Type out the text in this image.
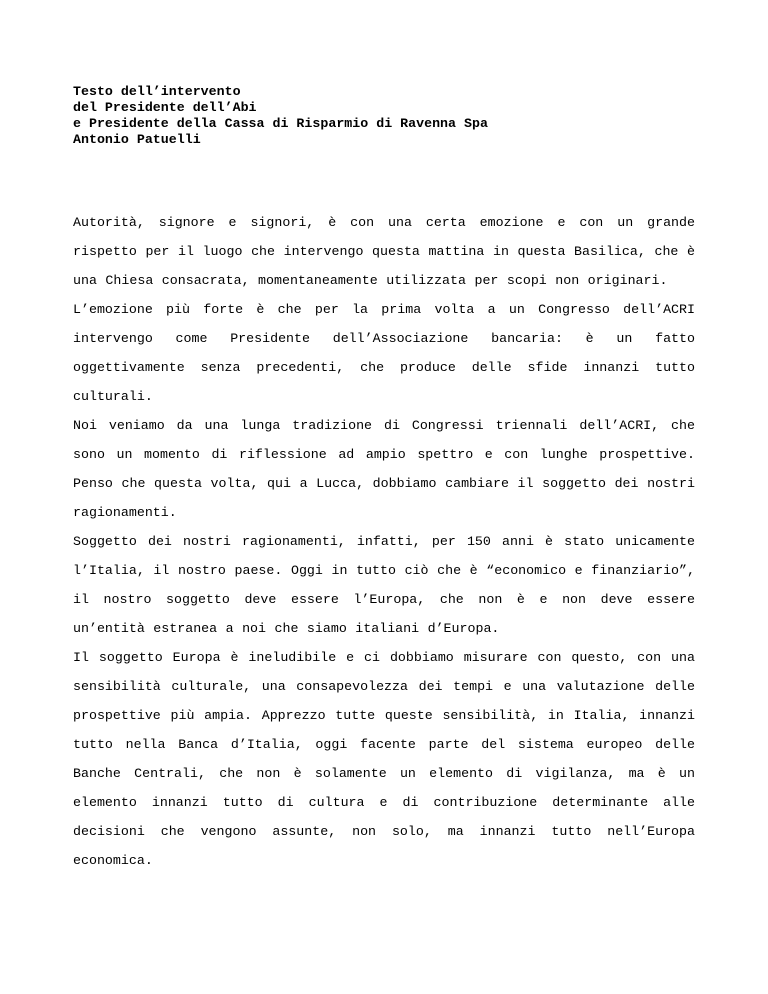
Testo dell’intervento
del Presidente dell’Abi
e Presidente della Cassa di Risparmio di Ravenna Spa
Antonio Patuelli

Autorità, signore e signori, è con una certa emozione e con un grande rispetto per il luogo che intervengo questa mattina in questa Basilica, che è una Chiesa consacrata, momentaneamente utilizzata per scopi non originari.

L’emozione più forte è che per la prima volta a un Congresso dell’ACRI intervengo come Presidente dell’Associazione bancaria: è un fatto oggettivamente senza precedenti, che produce delle sfide innanzi tutto culturali.

Noi veniamo da una lunga tradizione di Congressi triennali dell’ACRI, che sono un momento di riflessione ad ampio spettro e con lunghe prospettive. Penso che questa volta, qui a Lucca, dobbiamo cambiare il soggetto dei nostri ragionamenti.

Soggetto dei nostri ragionamenti, infatti, per 150 anni è stato unicamente l’Italia, il nostro paese. Oggi in tutto ciò che è “economico e finanziario”, il nostro soggetto deve essere l’Europa, che non è e non deve essere un’entità estranea a noi che siamo italiani d’Europa.

Il soggetto Europa è ineludibile e ci dobbiamo misurare con questo, con una sensibilità culturale, una consapevolezza dei tempi e una valutazione delle prospettive più ampia. Apprezzo tutte queste sensibilità, in Italia, innanzi tutto nella Banca d’Italia, oggi facente parte del sistema europeo delle Banche Centrali, che non è solamente un elemento di vigilanza, ma è un elemento innanzi tutto di cultura e di contribuzione determinante alle decisioni che vengono assunte, non solo, ma innanzi tutto nell’Europa economica.
